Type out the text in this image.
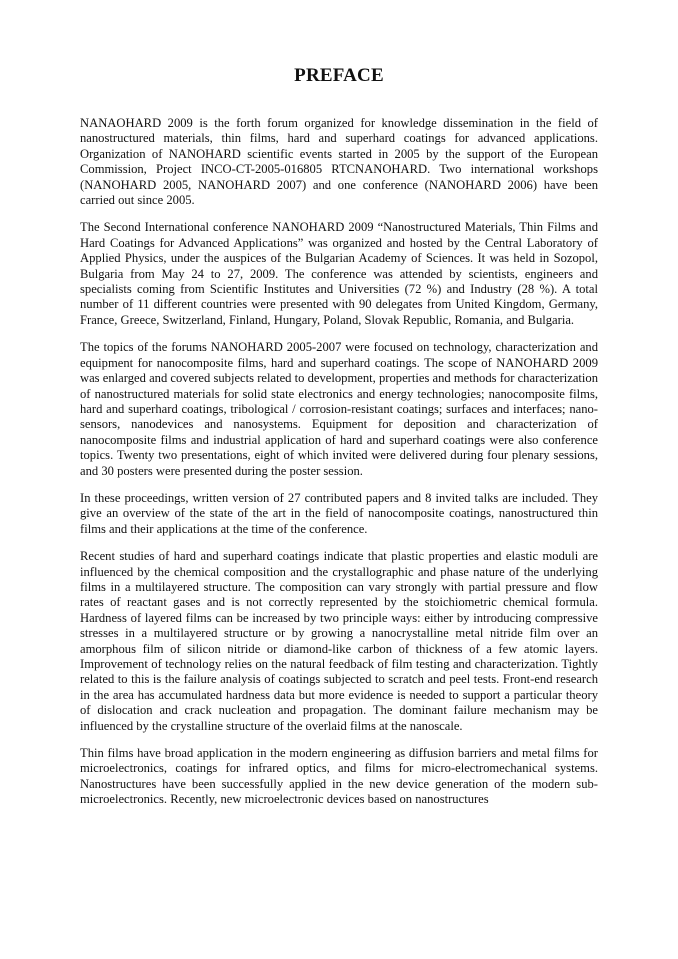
PREFACE

NANAOHARD 2009 is the forth forum organized for knowledge dissemination in the field of nanostructured materials, thin films, hard and superhard coatings for advanced applications. Organization of NANOHARD scientific events started in 2005 by the support of the European Commission, Project INCO-CT-2005-016805 RTCNANOHARD. Two international workshops (NANOHARD 2005, NANOHARD 2007) and one conference (NANOHARD 2006) have been carried out since 2005.

The Second International conference NANOHARD 2009 “Nanostructured Materials, Thin Films and Hard Coatings for Advanced Applications” was organized and hosted by the Central Laboratory of Applied Physics, under the auspices of the Bulgarian Academy of Sciences. It was held in Sozopol, Bulgaria from May 24 to 27, 2009. The conference was attended by scientists, engineers and specialists coming from Scientific Institutes and Universities (72 %) and Industry (28 %). A total number of 11 different countries were presented with 90 delegates from United Kingdom, Germany, France, Greece, Switzerland, Finland, Hungary, Poland, Slovak Republic, Romania, and Bulgaria.

The topics of the forums NANOHARD 2005-2007 were focused on technology, characterization and equipment for nanocomposite films, hard and superhard coatings. The scope of NANOHARD 2009 was enlarged and covered subjects related to development, properties and methods for characterization of nanostructured materials for solid state electronics and energy technologies; nanocomposite films, hard and superhard coatings, tribological / corrosion-resistant coatings; surfaces and interfaces; nano-sensors, nanodevices and nanosystems. Equipment for deposition and characterization of nanocomposite films and industrial application of hard and superhard coatings were also conference topics. Twenty two presentations, eight of which invited were delivered during four plenary sessions, and 30 posters were presented during the poster session.

In these proceedings, written version of 27 contributed papers and 8 invited talks are included. They give an overview of the state of the art in the field of nanocomposite coatings, nanostructured thin films and their applications at the time of the conference.

Recent studies of hard and superhard coatings indicate that plastic properties and elastic moduli are influenced by the chemical composition and the crystallographic and phase nature of the underlying films in a multilayered structure. The composition can vary strongly with partial pressure and flow rates of reactant gases and is not correctly represented by the stoichiometric chemical formula. Hardness of layered films can be increased by two principle ways: either by introducing compressive stresses in a multilayered structure or by growing a nanocrystalline metal nitride film over an amorphous film of silicon nitride or diamond-like carbon of thickness of a few atomic layers. Improvement of technology relies on the natural feedback of film testing and characterization. Tightly related to this is the failure analysis of coatings subjected to scratch and peel tests. Front-end research in the area has accumulated hardness data but more evidence is needed to support a particular theory of dislocation and crack nucleation and propagation. The dominant failure mechanism may be influenced by the crystalline structure of the overlaid films at the nanoscale.

Thin films have broad application in the modern engineering as diffusion barriers and metal films for microelectronics, coatings for infrared optics, and films for micro-electromechanical systems. Nanostructures have been successfully applied in the new device generation of the modern sub-microelectronics. Recently, new microelectronic devices based on nanostructures
